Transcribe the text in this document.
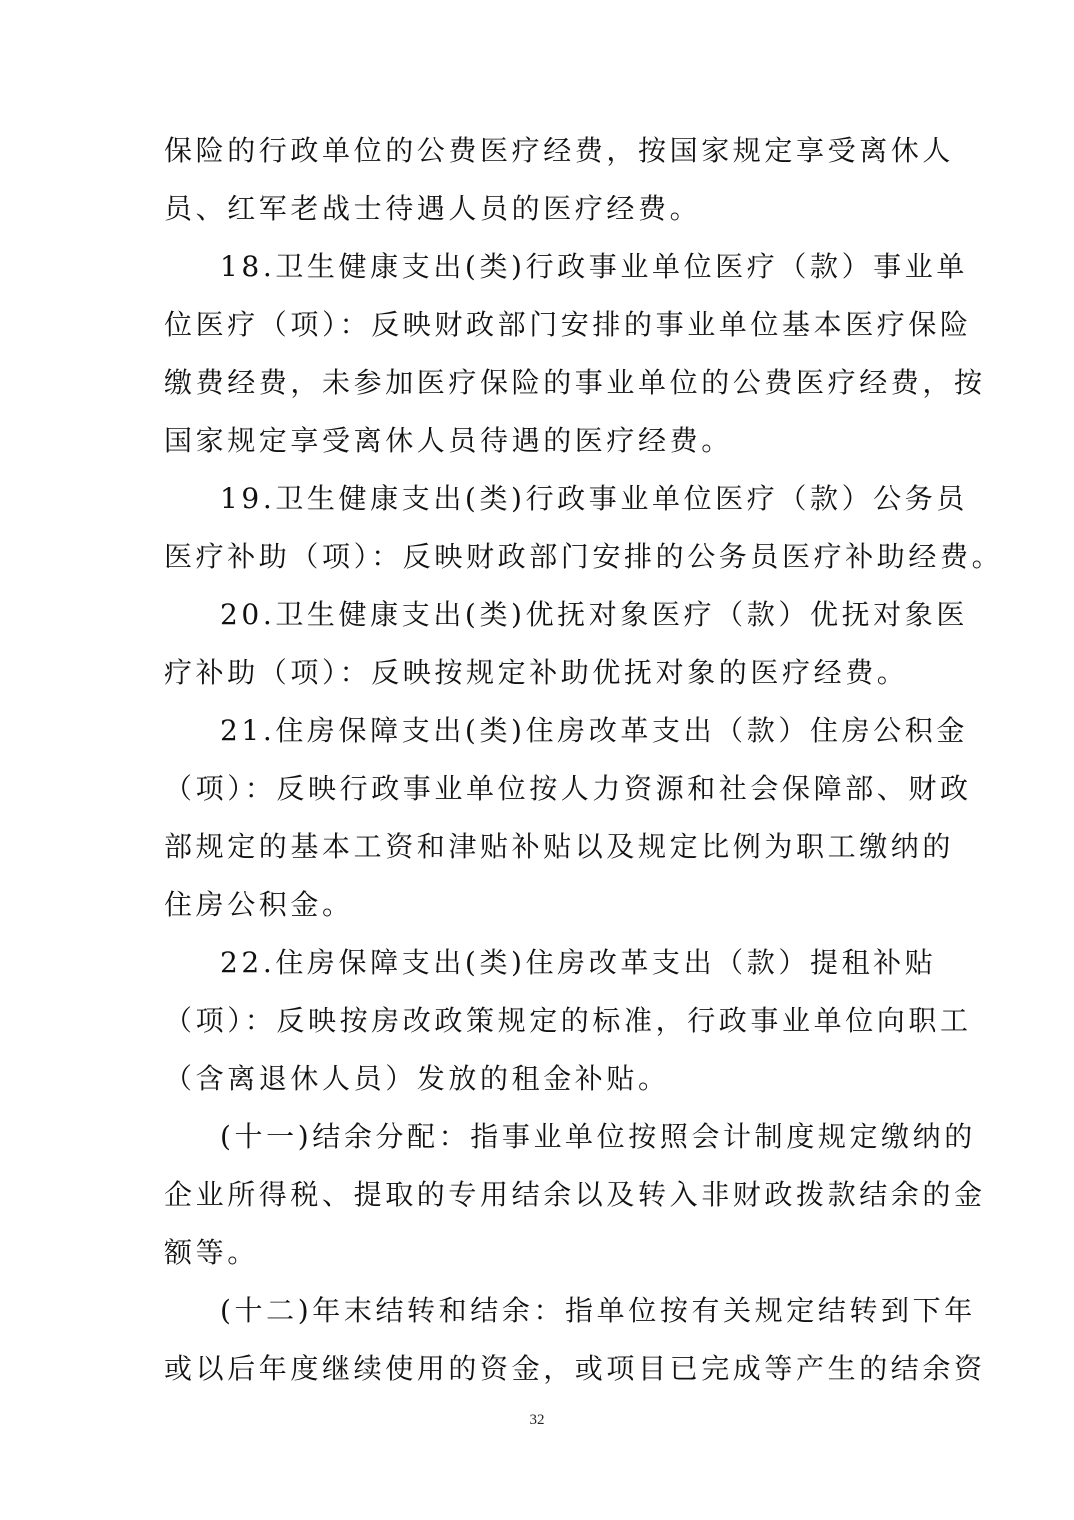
保险的行政单位的公费医疗经费，按国家规定享受离休人
员、红军老战士待遇人员的医疗经费。
18.卫生健康支出(类)行政事业单位医疗（款）事业单
位医疗（项）：反映财政部门安排的事业单位基本医疗保险
缴费经费，未参加医疗保险的事业单位的公费医疗经费，按
国家规定享受离休人员待遇的医疗经费。
19.卫生健康支出(类)行政事业单位医疗（款）公务员
医疗补助（项）：反映财政部门安排的公务员医疗补助经费。
20.卫生健康支出(类)优抚对象医疗（款）优抚对象医
疗补助（项）：反映按规定补助优抚对象的医疗经费。
21.住房保障支出(类)住房改革支出（款）住房公积金
（项）：反映行政事业单位按人力资源和社会保障部、财政
部规定的基本工资和津贴补贴以及规定比例为职工缴纳的
住房公积金。
22.住房保障支出(类)住房改革支出（款）提租补贴
（项）：反映按房改政策规定的标准，行政事业单位向职工
（含离退休人员）发放的租金补贴。
(十一)结余分配：指事业单位按照会计制度规定缴纳的
企业所得税、提取的专用结余以及转入非财政拨款结余的金
额等。
(十二)年末结转和结余：指单位按有关规定结转到下年
或以后年度继续使用的资金，或项目已完成等产生的结余资
32
